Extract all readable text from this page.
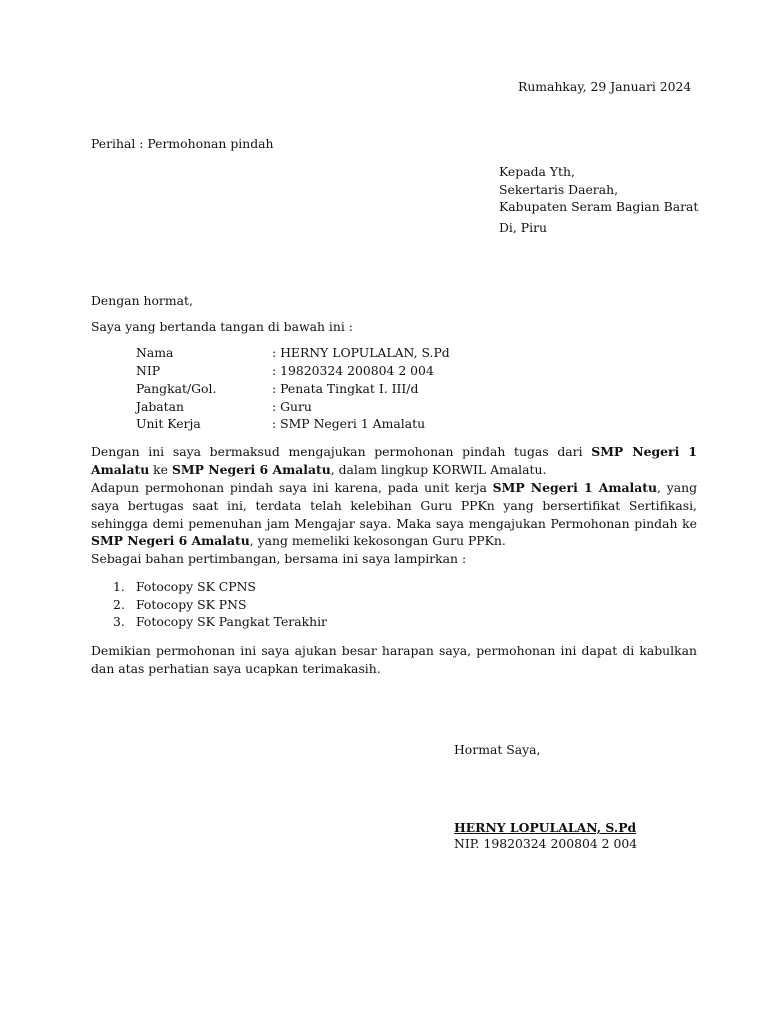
Rumahkay, 29 Januari 2024
Perihal : Permohonan pindah
Kepada Yth,
Sekertaris Daerah,
Kabupaten Seram Bagian Barat
Di, Piru
Dengan hormat,
Saya yang bertanda tangan di bawah ini :
Nama	: HERNY LOPULALAN, S.Pd
NIP	: 19820324 200804 2 004
Pangkat/Gol.	: Penata Tingkat I. III/d
Jabatan	: Guru
Unit Kerja	: SMP Negeri 1 Amalatu
Dengan ini saya bermaksud mengajukan permohonan pindah tugas dari SMP Negeri 1 Amalatu ke SMP Negeri 6 Amalatu, dalam lingkup KORWIL Amalatu.
Adapun permohonan pindah saya ini karena, pada unit kerja SMP Negeri 1 Amalatu, yang saya bertugas saat ini, terdata telah kelebihan Guru PPKn yang bersertifikat Sertifikasi, sehingga demi pemenuhan jam Mengajar saya. Maka saya mengajukan Permohonan pindah ke SMP Negeri 6 Amalatu, yang memeliki kekosongan Guru PPKn.
Sebagai bahan pertimbangan, bersama ini saya lampirkan :
1. Fotocopy SK CPNS
2. Fotocopy SK PNS
3. Fotocopy SK Pangkat Terakhir
Demikian permohonan ini saya ajukan besar harapan saya, permohonan ini dapat di kabulkan dan atas perhatian saya ucapkan terimakasih.
Hormat Saya,
HERNY LOPULALAN, S.Pd
NIP. 19820324 200804 2 004
